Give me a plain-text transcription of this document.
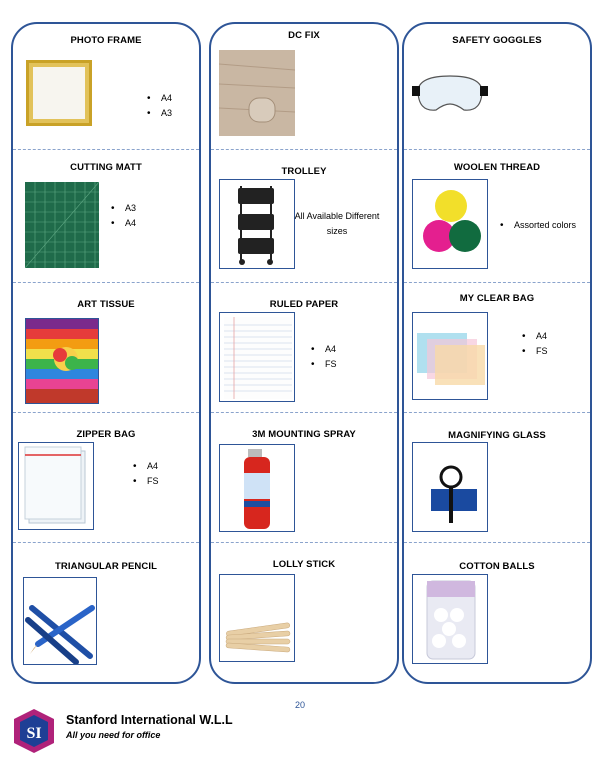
PHOTO FRAME
• A4
• A3
CUTTING MATT
• A3
• A4
ART TISSUE
ZIPPER BAG
• A4
• FS
TRIANGULAR PENCIL
DC FIX
TROLLEY
All Available Different sizes
RULED PAPER
• A4
• FS
3M MOUNTING SPRAY
LOLLY STICK
SAFETY GOGGLES
WOOLEN THREAD
• Assorted colors
MY CLEAR BAG
• A4
• FS
MAGNIFYING GLASS
COTTON BALLS
20
SI
Stanford International W.L.L
All you need for office
